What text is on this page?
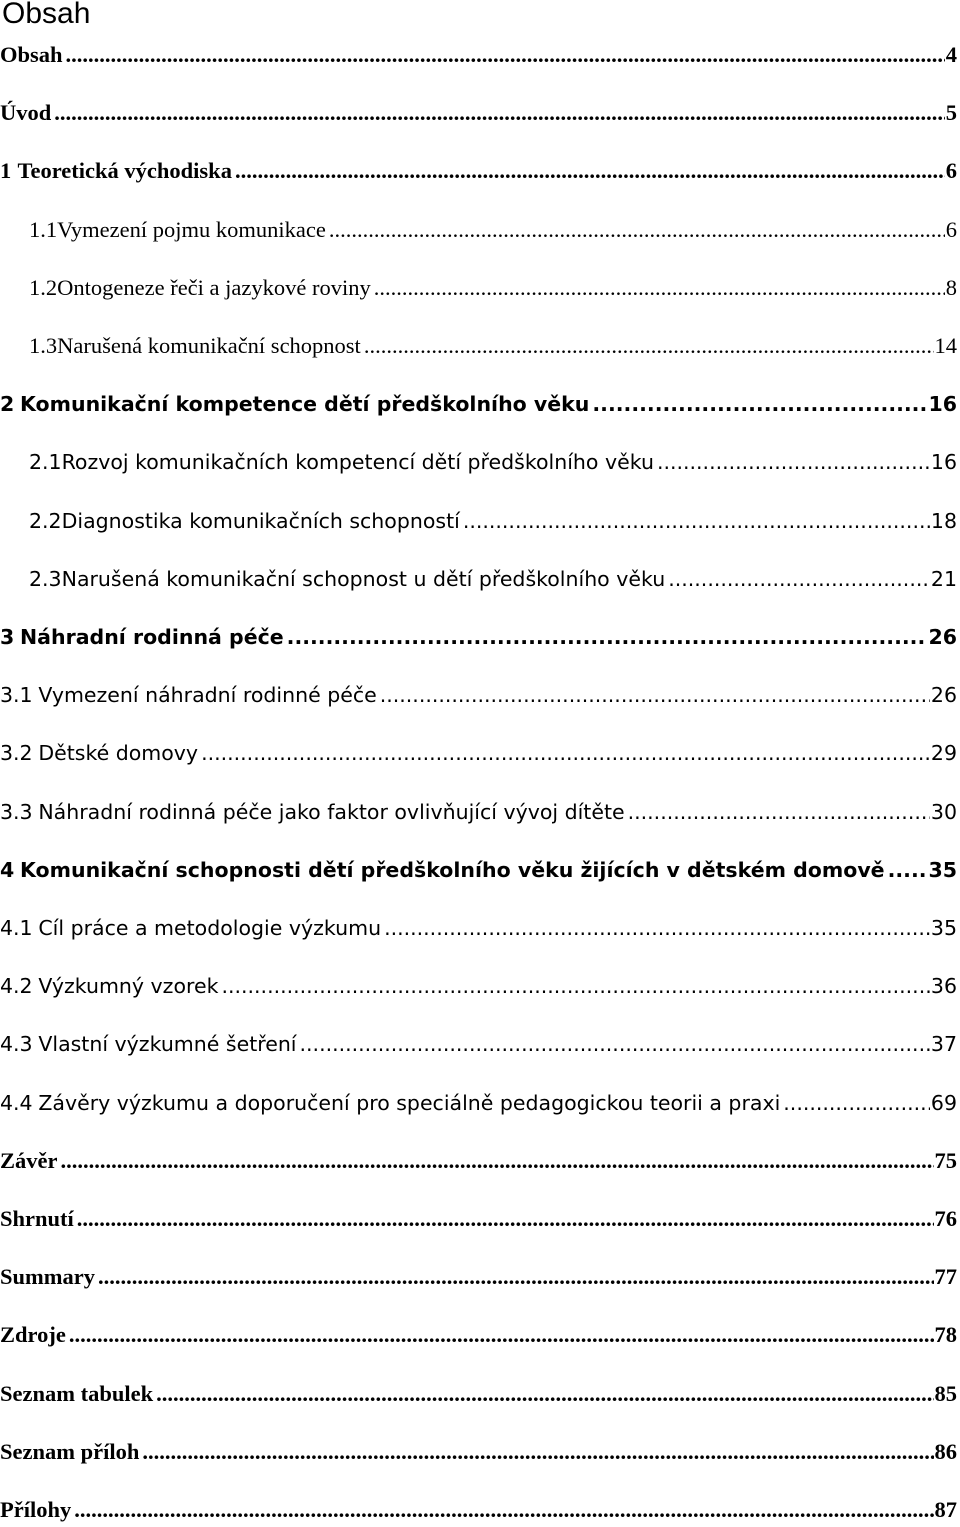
Obsah
Obsah .....	4
Úvod .....	5
1 Teoretická východiska .....	6
1.1 Vymezení pojmu komunikace .....	6
1.2 Ontogeneze řeči a jazykové roviny .....	8
1.3 Narušená komunikační schopnost .....	14
2 Komunikační kompetence dětí předškolního věku .....	16
2.1 Rozvoj komunikačních kompetencí dětí předškolního věku .....	16
2.2 Diagnostika komunikačních schopností .....	18
2.3 Narušená komunikační schopnost u dětí předškolního věku .....	21
3 Náhradní rodinná péče .....	26
3.1 Vymezení náhradní rodinné péče .....	26
3.2 Dětské domovy .....	29
3.3 Náhradní rodinná péče jako faktor ovlivňující vývoj dítěte .....	30
4 Komunikační schopnosti dětí předškolního věku žijících v dětském domově ..... 35
4.1 Cíl práce a metodologie výzkumu .....	35
4.2 Výzkumný vzorek .....	36
4.3 Vlastní výzkumné šetření .....	37
4.4 Závěry výzkumu a doporučení pro speciálně pedagogickou teorii a praxi .....	69
Závěr .....	75
Shrnutí .....	76
Summary .....	77
Zdroje .....	78
Seznam tabulek .....	85
Seznam příloh .....	86
Přílohy .....	87
